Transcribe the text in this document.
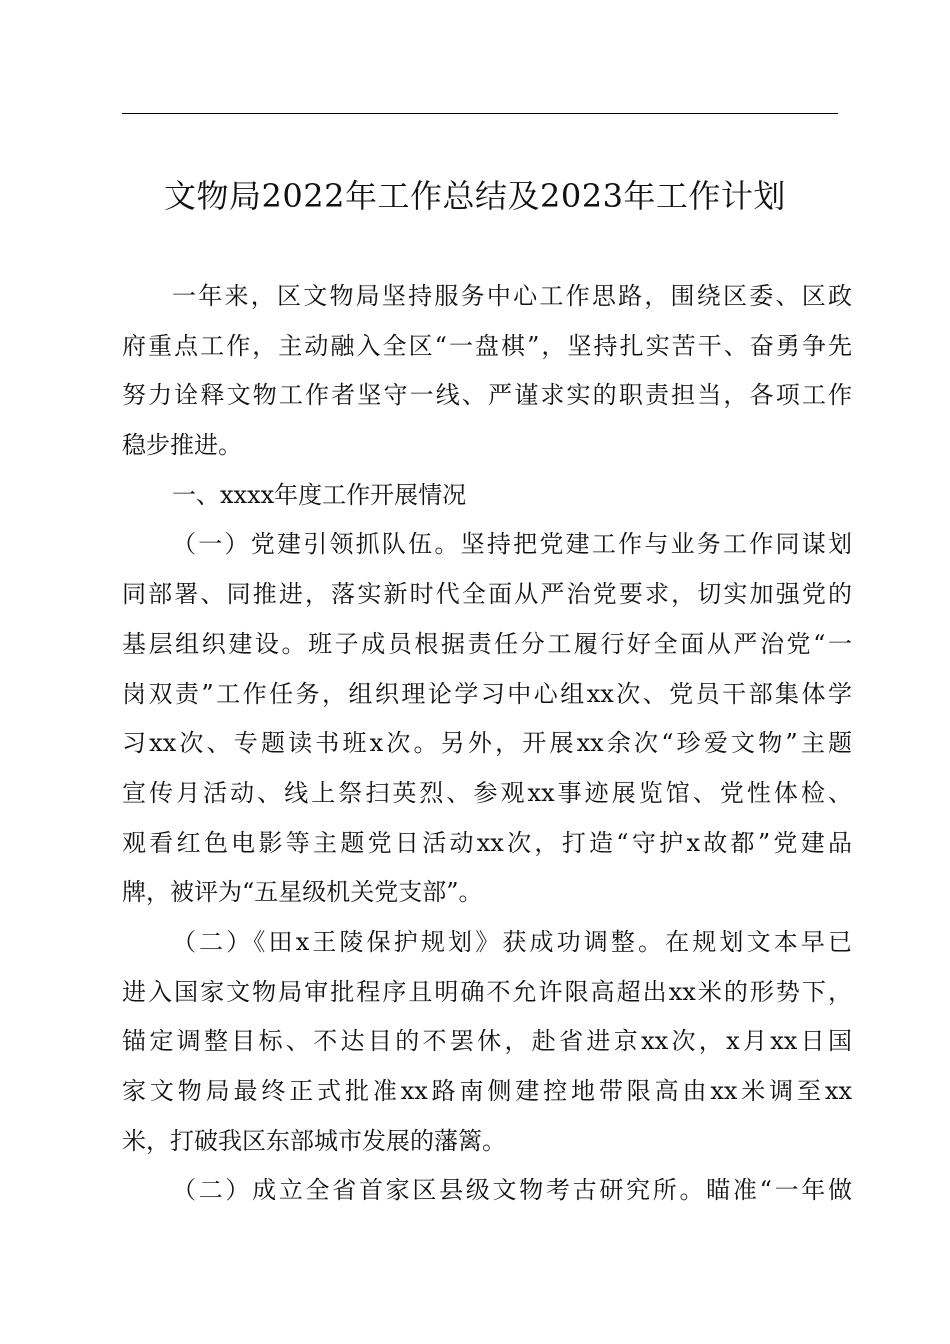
文物局2022年工作总结及2023年工作计划
一年来，区文物局坚持服务中心工作思路，围绕区委、区政
府重点工作，主动融入全区“一盘棋”，坚持扎实苦干、奋勇争先
努力诠释文物工作者坚守一线、严谨求实的职责担当，各项工作
稳步推进。
一、xxxx年度工作开展情况
（一）党建引领抓队伍。坚持把党建工作与业务工作同谋划
同部署、同推进，落实新时代全面从严治党要求，切实加强党的
基层组织建设。班子成员根据责任分工履行好全面从严治党“一
岗双责”工作任务，组织理论学习中心组xx次、党员干部集体学
习xx次、专题读书班x次。另外，开展xx余次“珍爱文物”主题
宣传月活动、线上祭扫英烈、参观xx事迹展览馆、党性体检、
观看红色电影等主题党日活动xx次，打造“守护x故都”党建品
牌，被评为“五星级机关党支部”。
（二）《田x王陵保护规划》获成功调整。在规划文本早已
进入国家文物局审批程序且明确不允许限高超出xx米的形势下，
锚定调整目标、不达目的不罢休，赴省进京xx次，x月xx日国
家文物局最终正式批准xx路南侧建控地带限高由xx米调至xx
米，打破我区东部城市发展的藩篱。
（二）成立全省首家区县级文物考古研究所。瞄准“一年做
